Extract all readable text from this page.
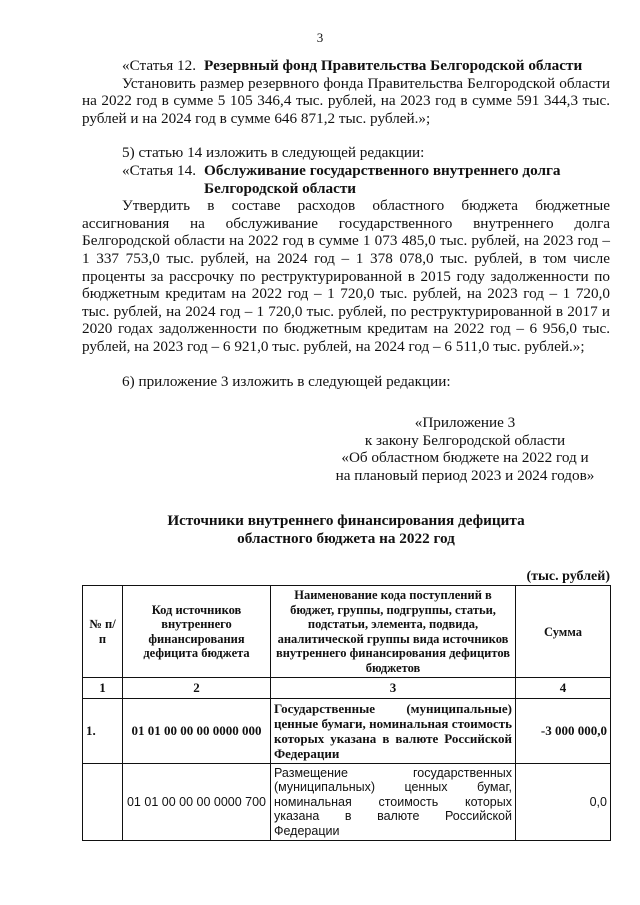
3

«Статья 12. Резервный фонд Правительства Белгородской области

Установить размер резервного фонда Правительства Белгородской области на 2022 год в сумме 5 105 346,4 тыс. рублей, на 2023 год в сумме 591 344,3 тыс. рублей и на 2024 год в сумме 646 871,2 тыс. рублей.»;

5) статью 14 изложить в следующей редакции:

«Статья 14. Обслуживание государственного внутреннего долга Белгородской области

Утвердить в составе расходов областного бюджета бюджетные ассигнования на обслуживание государственного внутреннего долга Белгородской области на 2022 год в сумме 1 073 485,0 тыс. рублей, на 2023 год – 1 337 753,0 тыс. рублей, на 2024 год – 1 378 078,0 тыс. рублей, в том числе проценты за рассрочку по реструктурированной в 2015 году задолженности по бюджетным кредитам на 2022 год – 1 720,0 тыс. рублей, на 2023 год – 1 720,0 тыс. рублей, на 2024 год – 1 720,0 тыс. рублей, по реструктурированной в 2017 и 2020 годах задолженности по бюджетным кредитам на 2022 год – 6 956,0 тыс. рублей, на 2023 год – 6 921,0 тыс. рублей, на 2024 год – 6 511,0 тыс. рублей.»;

6) приложение 3 изложить в следующей редакции:

«Приложение 3
к закону Белгородской области
«Об областном бюджете на 2022 год и
на плановый период 2023 и 2024 годов»

Источники внутреннего финансирования дефицита

областного бюджета на 2022 год

(тыс. рублей)

№ п/п	Код источников внутреннего финансирования дефицита бюджета	Наименование кода поступлений в бюджет, группы, подгруппы, статьи, подстатьи, элемента, подвида, аналитической группы вида источников внутреннего финансирования дефицитов бюджетов	Сумма
1	2	3	4
1.	01 01 00 00 00 0000 000	Государственные (муниципальные) ценные бумаги, номинальная стоимость которых указана в валюте Российской Федерации	-3 000 000,0
	01 01 00 00 00 0000 700	Размещение государственных (муниципальных) ценных бумаг, номинальная стоимость которых указана в валюте Российской Федерации	0,0
